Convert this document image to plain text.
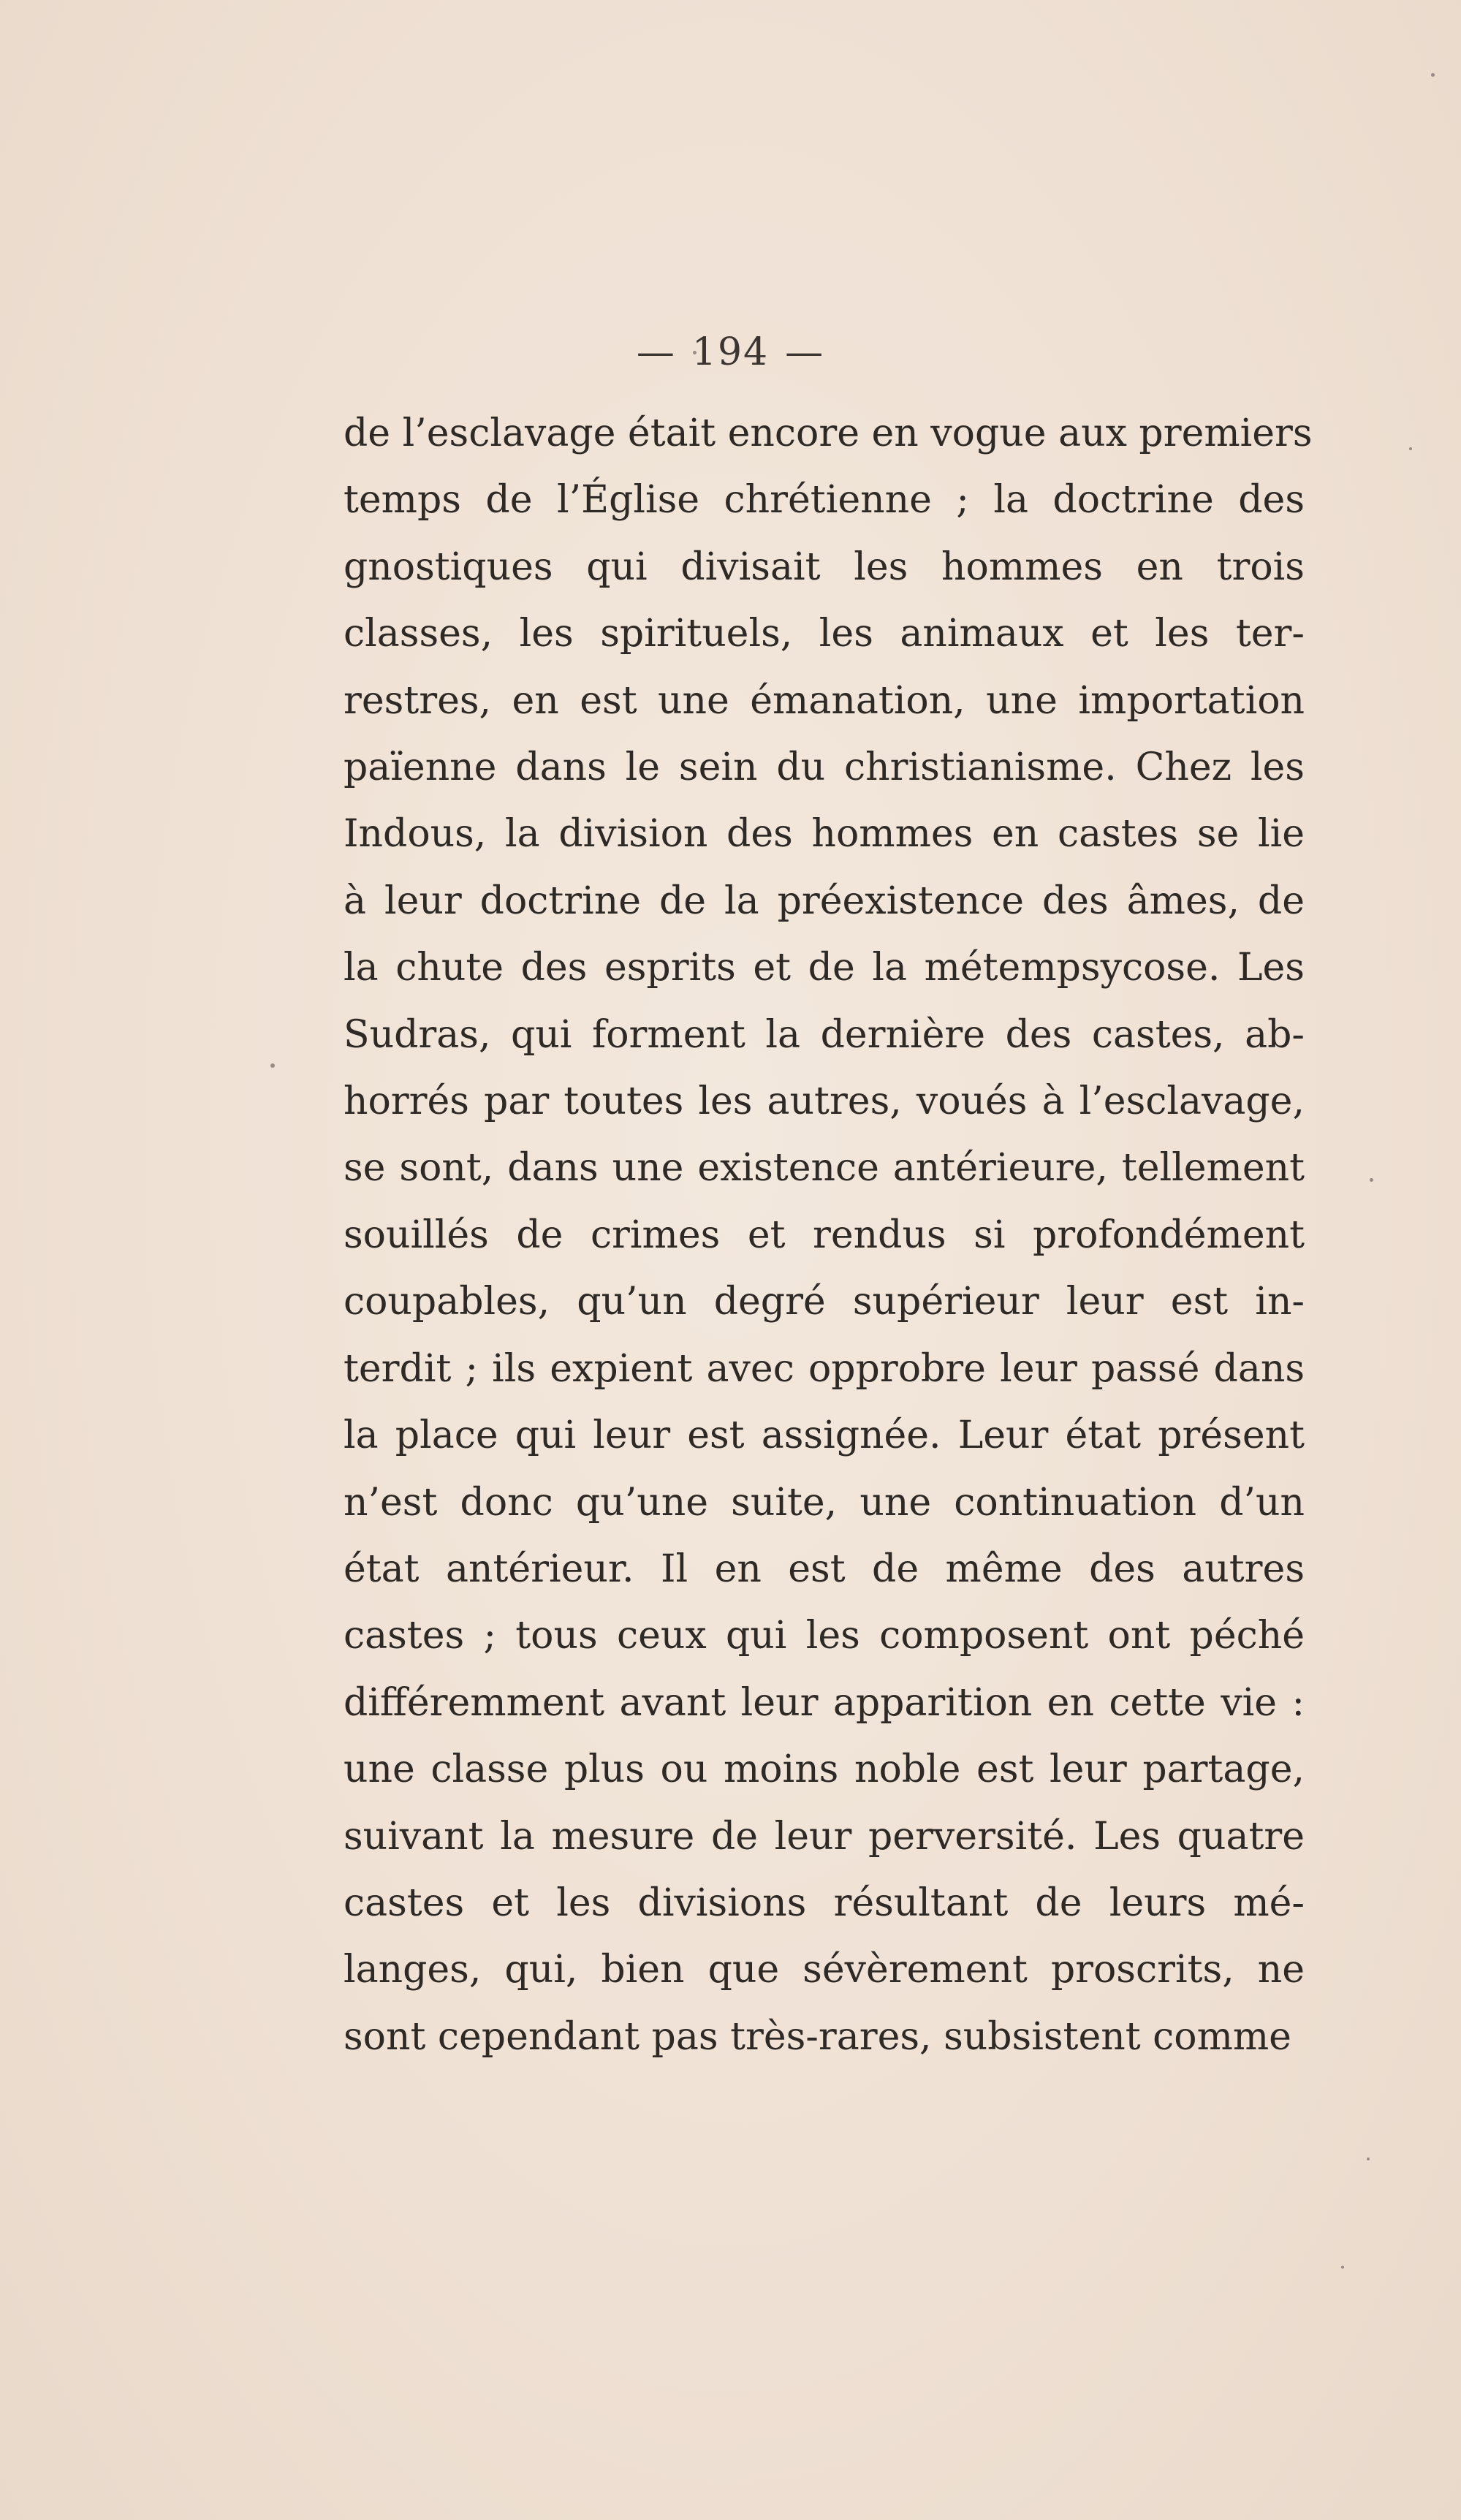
— 194 —
de l’esclavage était encore en vogue aux premiers
temps de l’Église chrétienne ; la doctrine des
gnostiques qui divisait les hommes en trois
classes, les spirituels, les animaux et les ter-
restres, en est une émanation, une importation
païenne dans le sein du christianisme. Chez les
Indous, la division des hommes en castes se lie
à leur doctrine de la préexistence des âmes, de
la chute des esprits et de la métempsycose. Les
Sudras, qui forment la dernière des castes, ab-
horrés par toutes les autres, voués à l’esclavage,
se sont, dans une existence antérieure, tellement
souillés de crimes et rendus si profondément
coupables, qu’un degré supérieur leur est in-
terdit ; ils expient avec opprobre leur passé dans
la place qui leur est assignée. Leur état présent
n’est donc qu’une suite, une continuation d’un
état antérieur. Il en est de même des autres
castes ; tous ceux qui les composent ont péché
différemment avant leur apparition en cette vie :
une classe plus ou moins noble est leur partage,
suivant la mesure de leur perversité. Les quatre
castes et les divisions résultant de leurs mé-
langes, qui, bien que sévèrement proscrits, ne
sont cependant pas très-rares, subsistent comme
